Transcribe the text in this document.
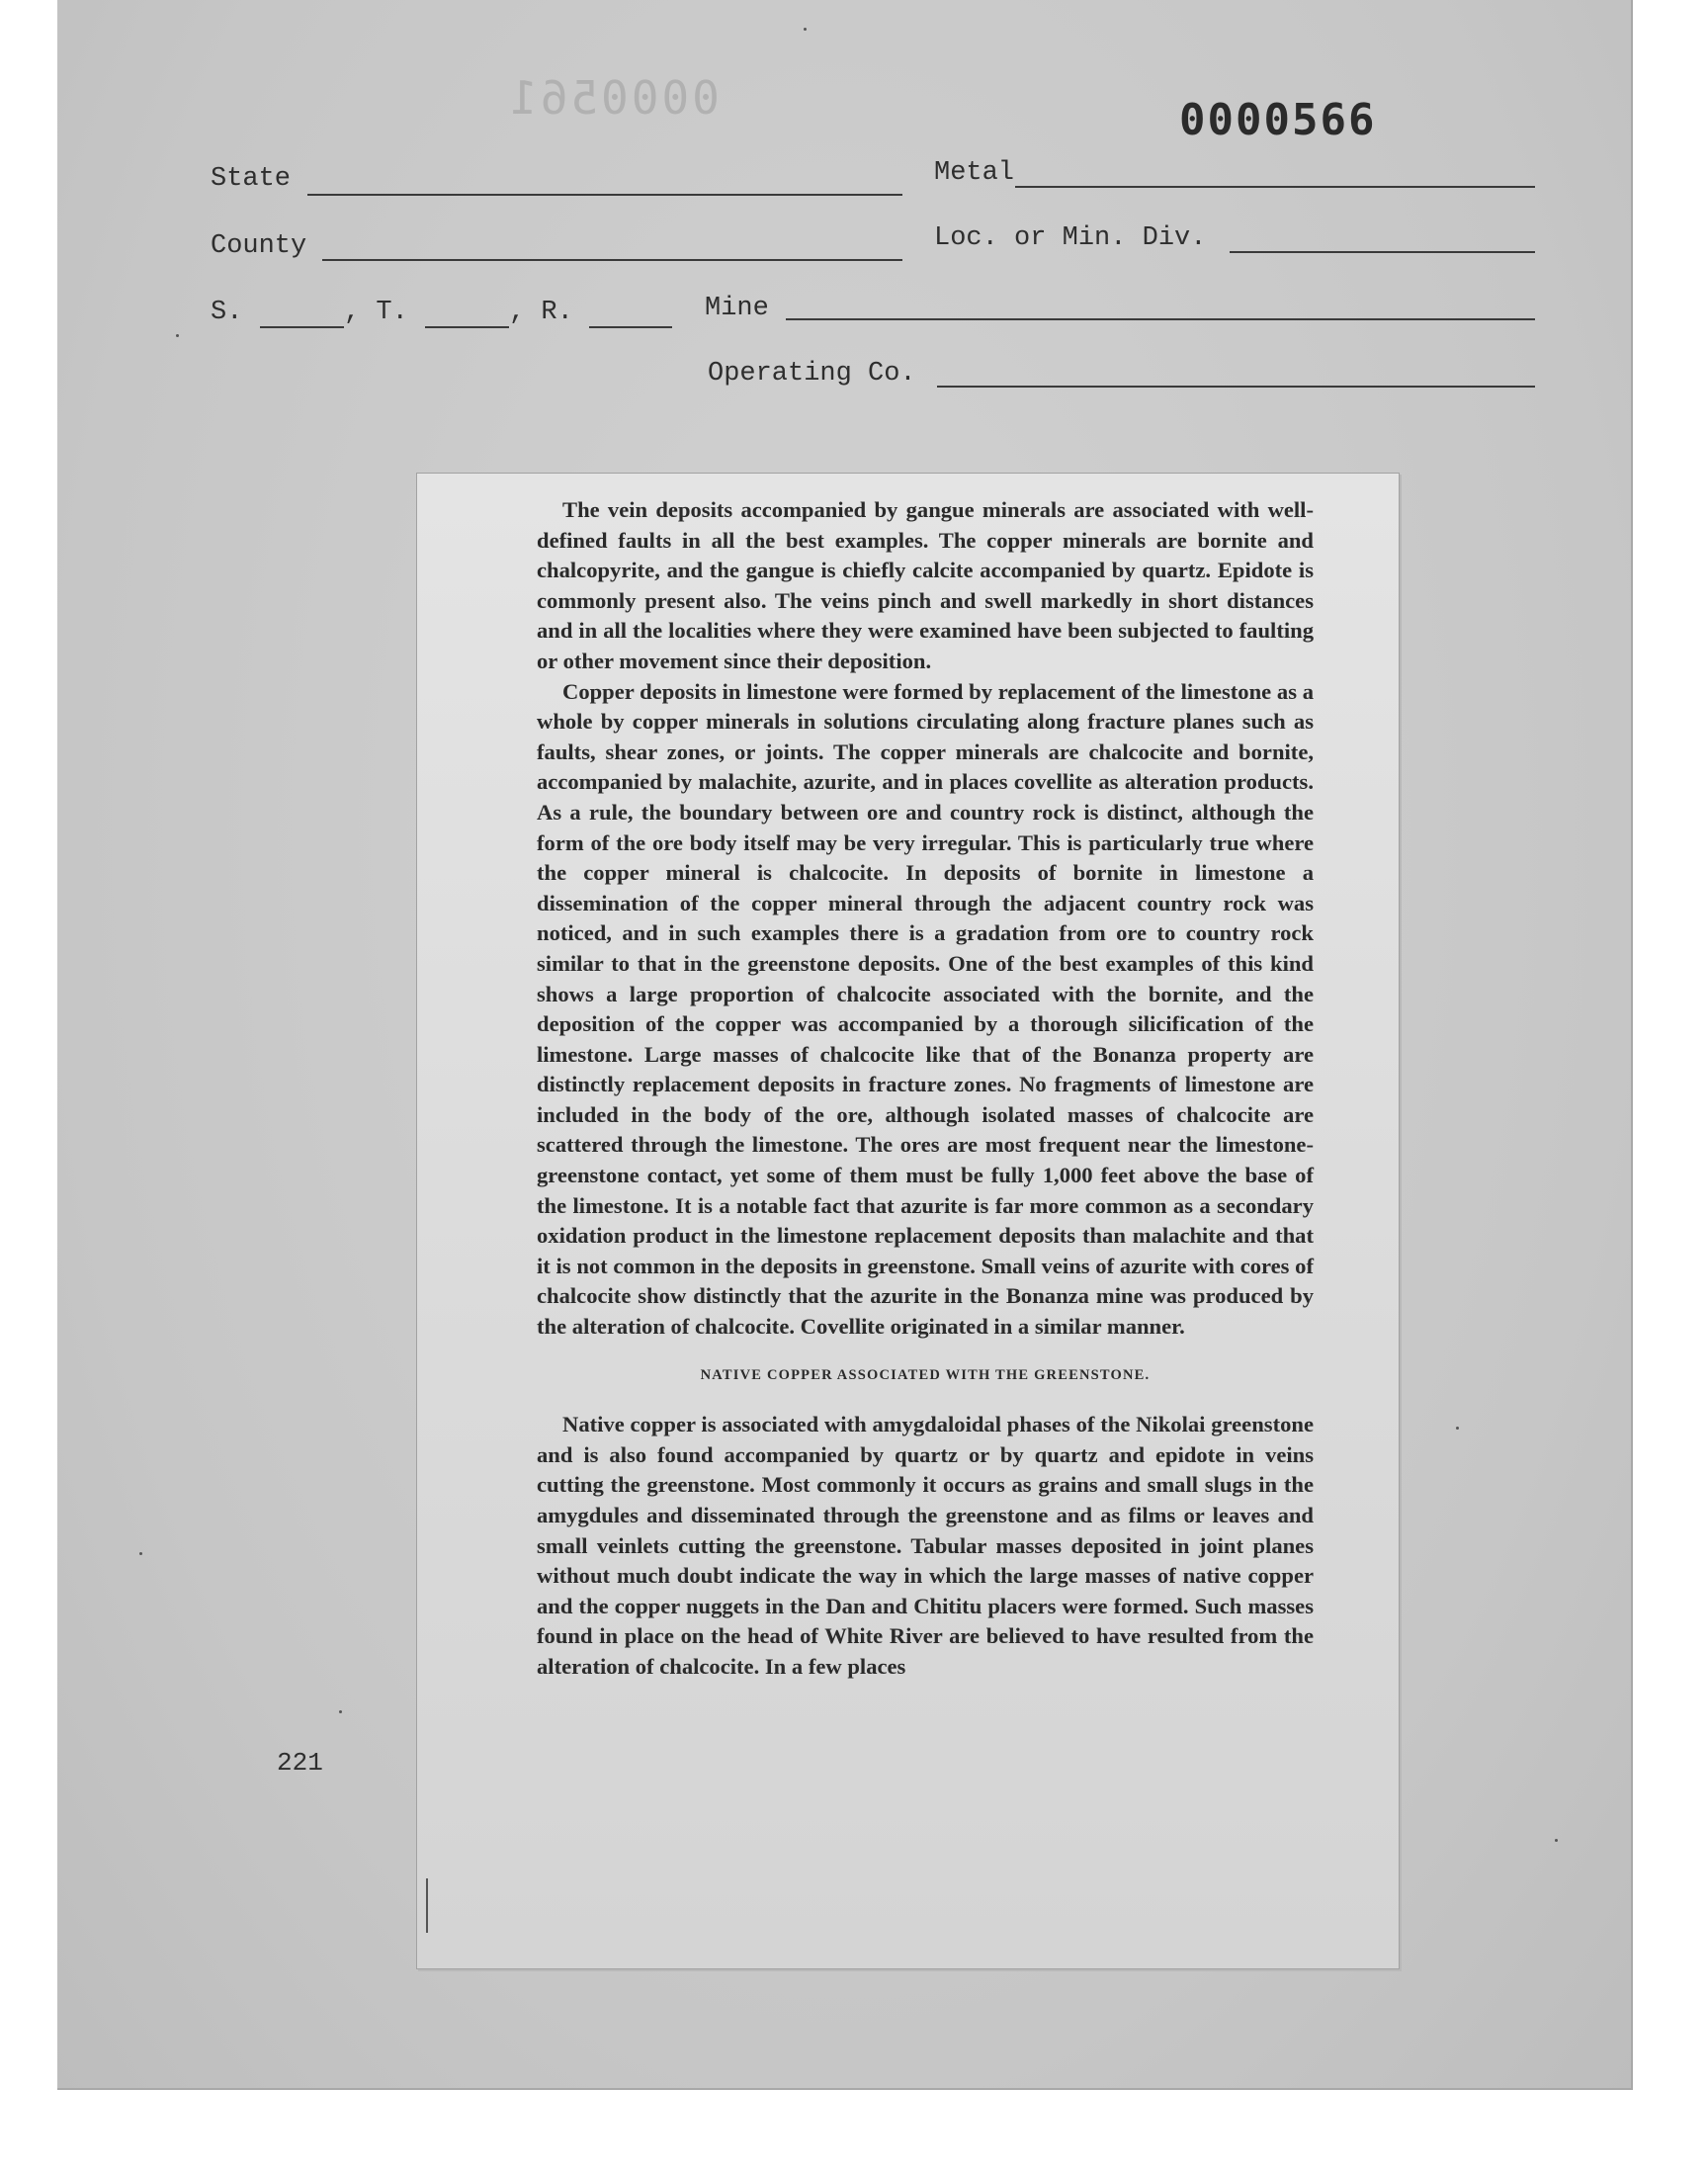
0000561	0000566
State	Metal
County	Loc. or Min. Div.
S.	, T.	, R.	Mine
Operating Co.
221

The vein deposits accompanied by gangue minerals are associated with well-defined faults in all the best examples. The copper minerals are bornite and chalcopyrite, and the gangue is chiefly calcite accompanied by quartz. Epidote is commonly present also. The veins pinch and swell markedly in short distances and in all the localities where they were examined have been subjected to faulting or other movement since their deposition.

Copper deposits in limestone were formed by replacement of the limestone as a whole by copper minerals in solutions circulating along fracture planes such as faults, shear zones, or joints. The copper minerals are chalcocite and bornite, accompanied by malachite, azurite, and in places covellite as alteration products. As a rule, the boundary between ore and country rock is distinct, although the form of the ore body itself may be very irregular. This is particularly true where the copper mineral is chalcocite. In deposits of bornite in limestone a dissemination of the copper mineral through the adjacent country rock was noticed, and in such examples there is a gradation from ore to country rock similar to that in the greenstone deposits. One of the best examples of this kind shows a large proportion of chalcocite associated with the bornite, and the deposition of the copper was accompanied by a thorough silicification of the limestone. Large masses of chalcocite like that of the Bonanza property are distinctly replacement deposits in fracture zones. No fragments of limestone are included in the body of the ore, although isolated masses of chalcocite are scattered through the limestone. The ores are most frequent near the limestone-greenstone contact, yet some of them must be fully 1,000 feet above the base of the limestone. It is a notable fact that azurite is far more common as a secondary oxidation product in the limestone replacement deposits than malachite and that it is not common in the deposits in greenstone. Small veins of azurite with cores of chalcocite show distinctly that the azurite in the Bonanza mine was produced by the alteration of chalcocite. Covellite originated in a similar manner.

NATIVE COPPER ASSOCIATED WITH THE GREENSTONE.

Native copper is associated with amygdaloidal phases of the Nikolai greenstone and is also found accompanied by quartz or by quartz and epidote in veins cutting the greenstone. Most commonly it occurs as grains and small slugs in the amygdules and disseminated through the greenstone and as films or leaves and small veinlets cutting the greenstone. Tabular masses deposited in joint planes without much doubt indicate the way in which the large masses of native copper and the copper nuggets in the Dan and Chititu placers were formed. Such masses found in place on the head of White River are believed to have resulted from the alteration of chalcocite. In a few places
